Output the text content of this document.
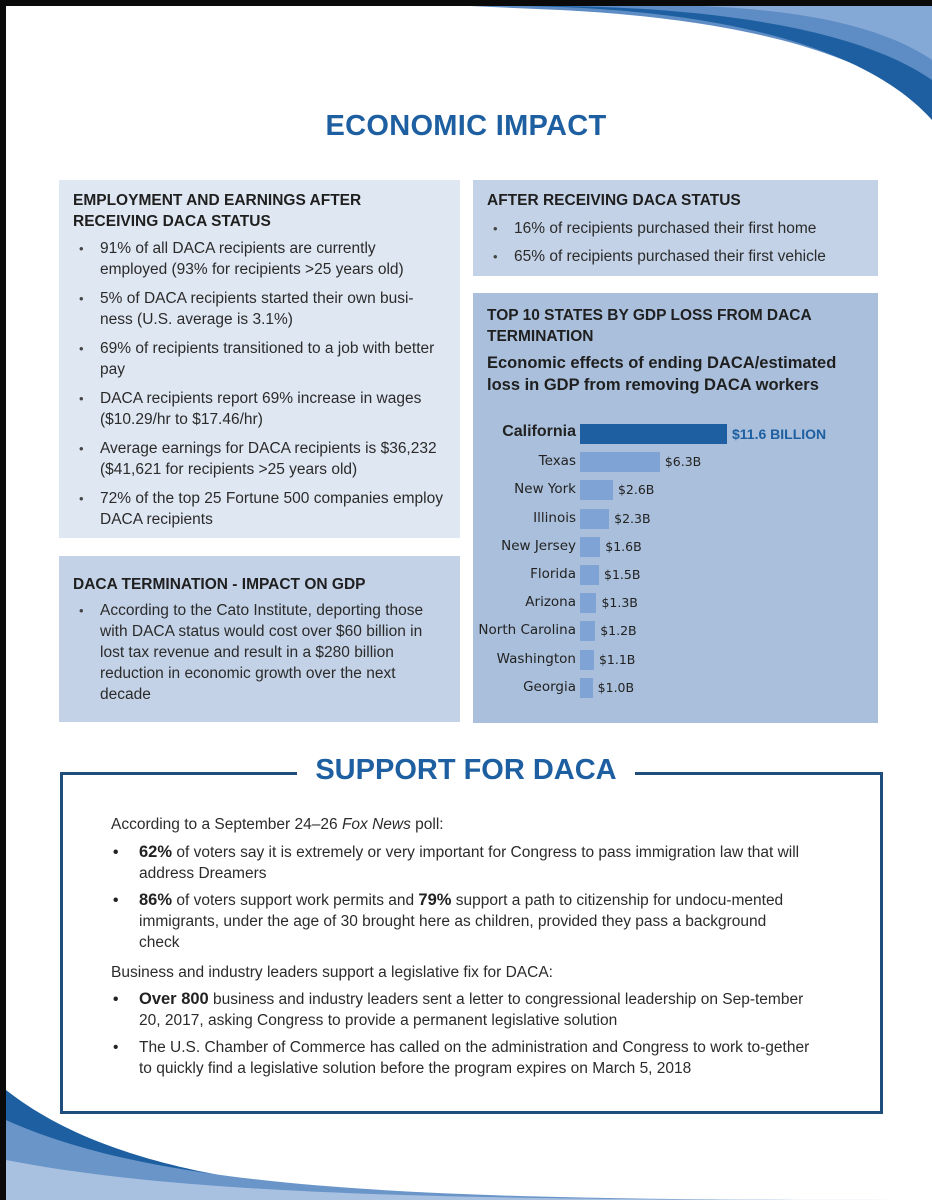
ECONOMIC IMPACT
EMPLOYMENT AND EARNINGS AFTER RECEIVING DACA STATUS
• 91% of all DACA recipients are currently employed (93% for recipients >25 years old)
• 5% of DACA recipients started their own busi-ness (U.S. average is 3.1%)
• 69% of recipients transitioned to a job with better pay
• DACA recipients report 69% increase in wages ($10.29/hr to $17.46/hr)
• Average earnings for DACA recipients is $36,232 ($41,621 for recipients >25 years old)
• 72% of the top 25 Fortune 500 companies employ DACA recipients
DACA TERMINATION - IMPACT ON GDP
• According to the Cato Institute, deporting those with DACA status would cost over $60 billion in lost tax revenue and result in a $280 billion reduction in economic growth over the next decade
AFTER RECEIVING DACA STATUS
• 16% of recipients purchased their first home
• 65% of recipients purchased their first vehicle
TOP 10 STATES BY GDP LOSS FROM DACA TERMINATION
Economic effects of ending DACA/estimated loss in GDP from removing DACA workers
California	$11.6 BILLION
Texas	$6.3B
New York	$2.6B
Illinois	$2.3B
New Jersey $1.6B
Florida $1.5B
Arizona $1.3B
North Carolina $1.2B
Washington $1.1B
Georgia $1.0B
SUPPORT FOR DACA
According to a September 24–26 Fox News poll:
• 62% of voters say it is extremely or very important for Congress to pass immigration law that will address Dreamers
• 86% of voters support work permits and 79% support a path to citizenship for undocu-mented immigrants, under the age of 30 brought here as children, provided they pass a background check
Business and industry leaders support a legislative fix for DACA:
• Over 800 business and industry leaders sent a letter to congressional leadership on Sep-tember 20, 2017, asking Congress to provide a permanent legislative solution
• The U.S. Chamber of Commerce has called on the administration and Congress to work to-gether to quickly find a legislative solution before the program expires on March 5, 2018
